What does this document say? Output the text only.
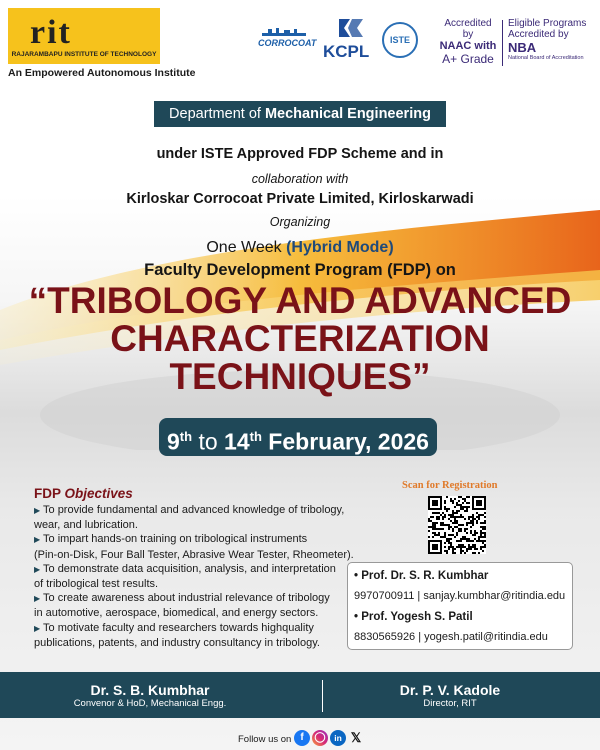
rit
RAJARAMBAPU INSTITUTE OF TECHNOLOGY
An Empowered Autonomous Institute
CORROCOAT KCPL
ISTE
Accredited by
NAAC with
A+ Grade
Eligible Programs
Accredited by
NBA
National Board of Accreditation
Department of Mechanical Engineering
under ISTE Approved FDP Scheme and in
collaboration with
Kirloskar Corrocoat Private Limited, Kirloskarwadi
Organizing
One Week (Hybrid Mode)
Faculty Development Program (FDP) on
“TRIBOLOGY AND ADVANCED
CHARACTERIZATION
TECHNIQUES”
9th to 14th February, 2026
FDP Objectives
▶ To provide fundamental and advanced knowledge of tribology,
wear, and lubrication.
▶ To impart hands-on training on tribological instruments
(Pin-on-Disk, Four Ball Tester, Abrasive Wear Tester, Rheometer).
▶ To demonstrate data acquisition, analysis, and interpretation
of tribological test results.
▶ To create awareness about industrial relevance of tribology
in automotive, aerospace, biomedical, and energy sectors.
▶ To motivate faculty and researchers towards highquality
publications, patents, and industry consultancy in tribology.
Scan for Registration
• Prof. Dr. S. R. Kumbhar
9970700911 | sanjay.kumbhar@ritindia.edu
• Prof. Yogesh S. Patil
8830565926 | yogesh.patil@ritindia.edu
Dr. S. B. Kumbhar
Convenor & HoD, Mechanical Engg.
Dr. P. V. Kadole
Director, RIT
Follow us on f	◯	in 𝕏
